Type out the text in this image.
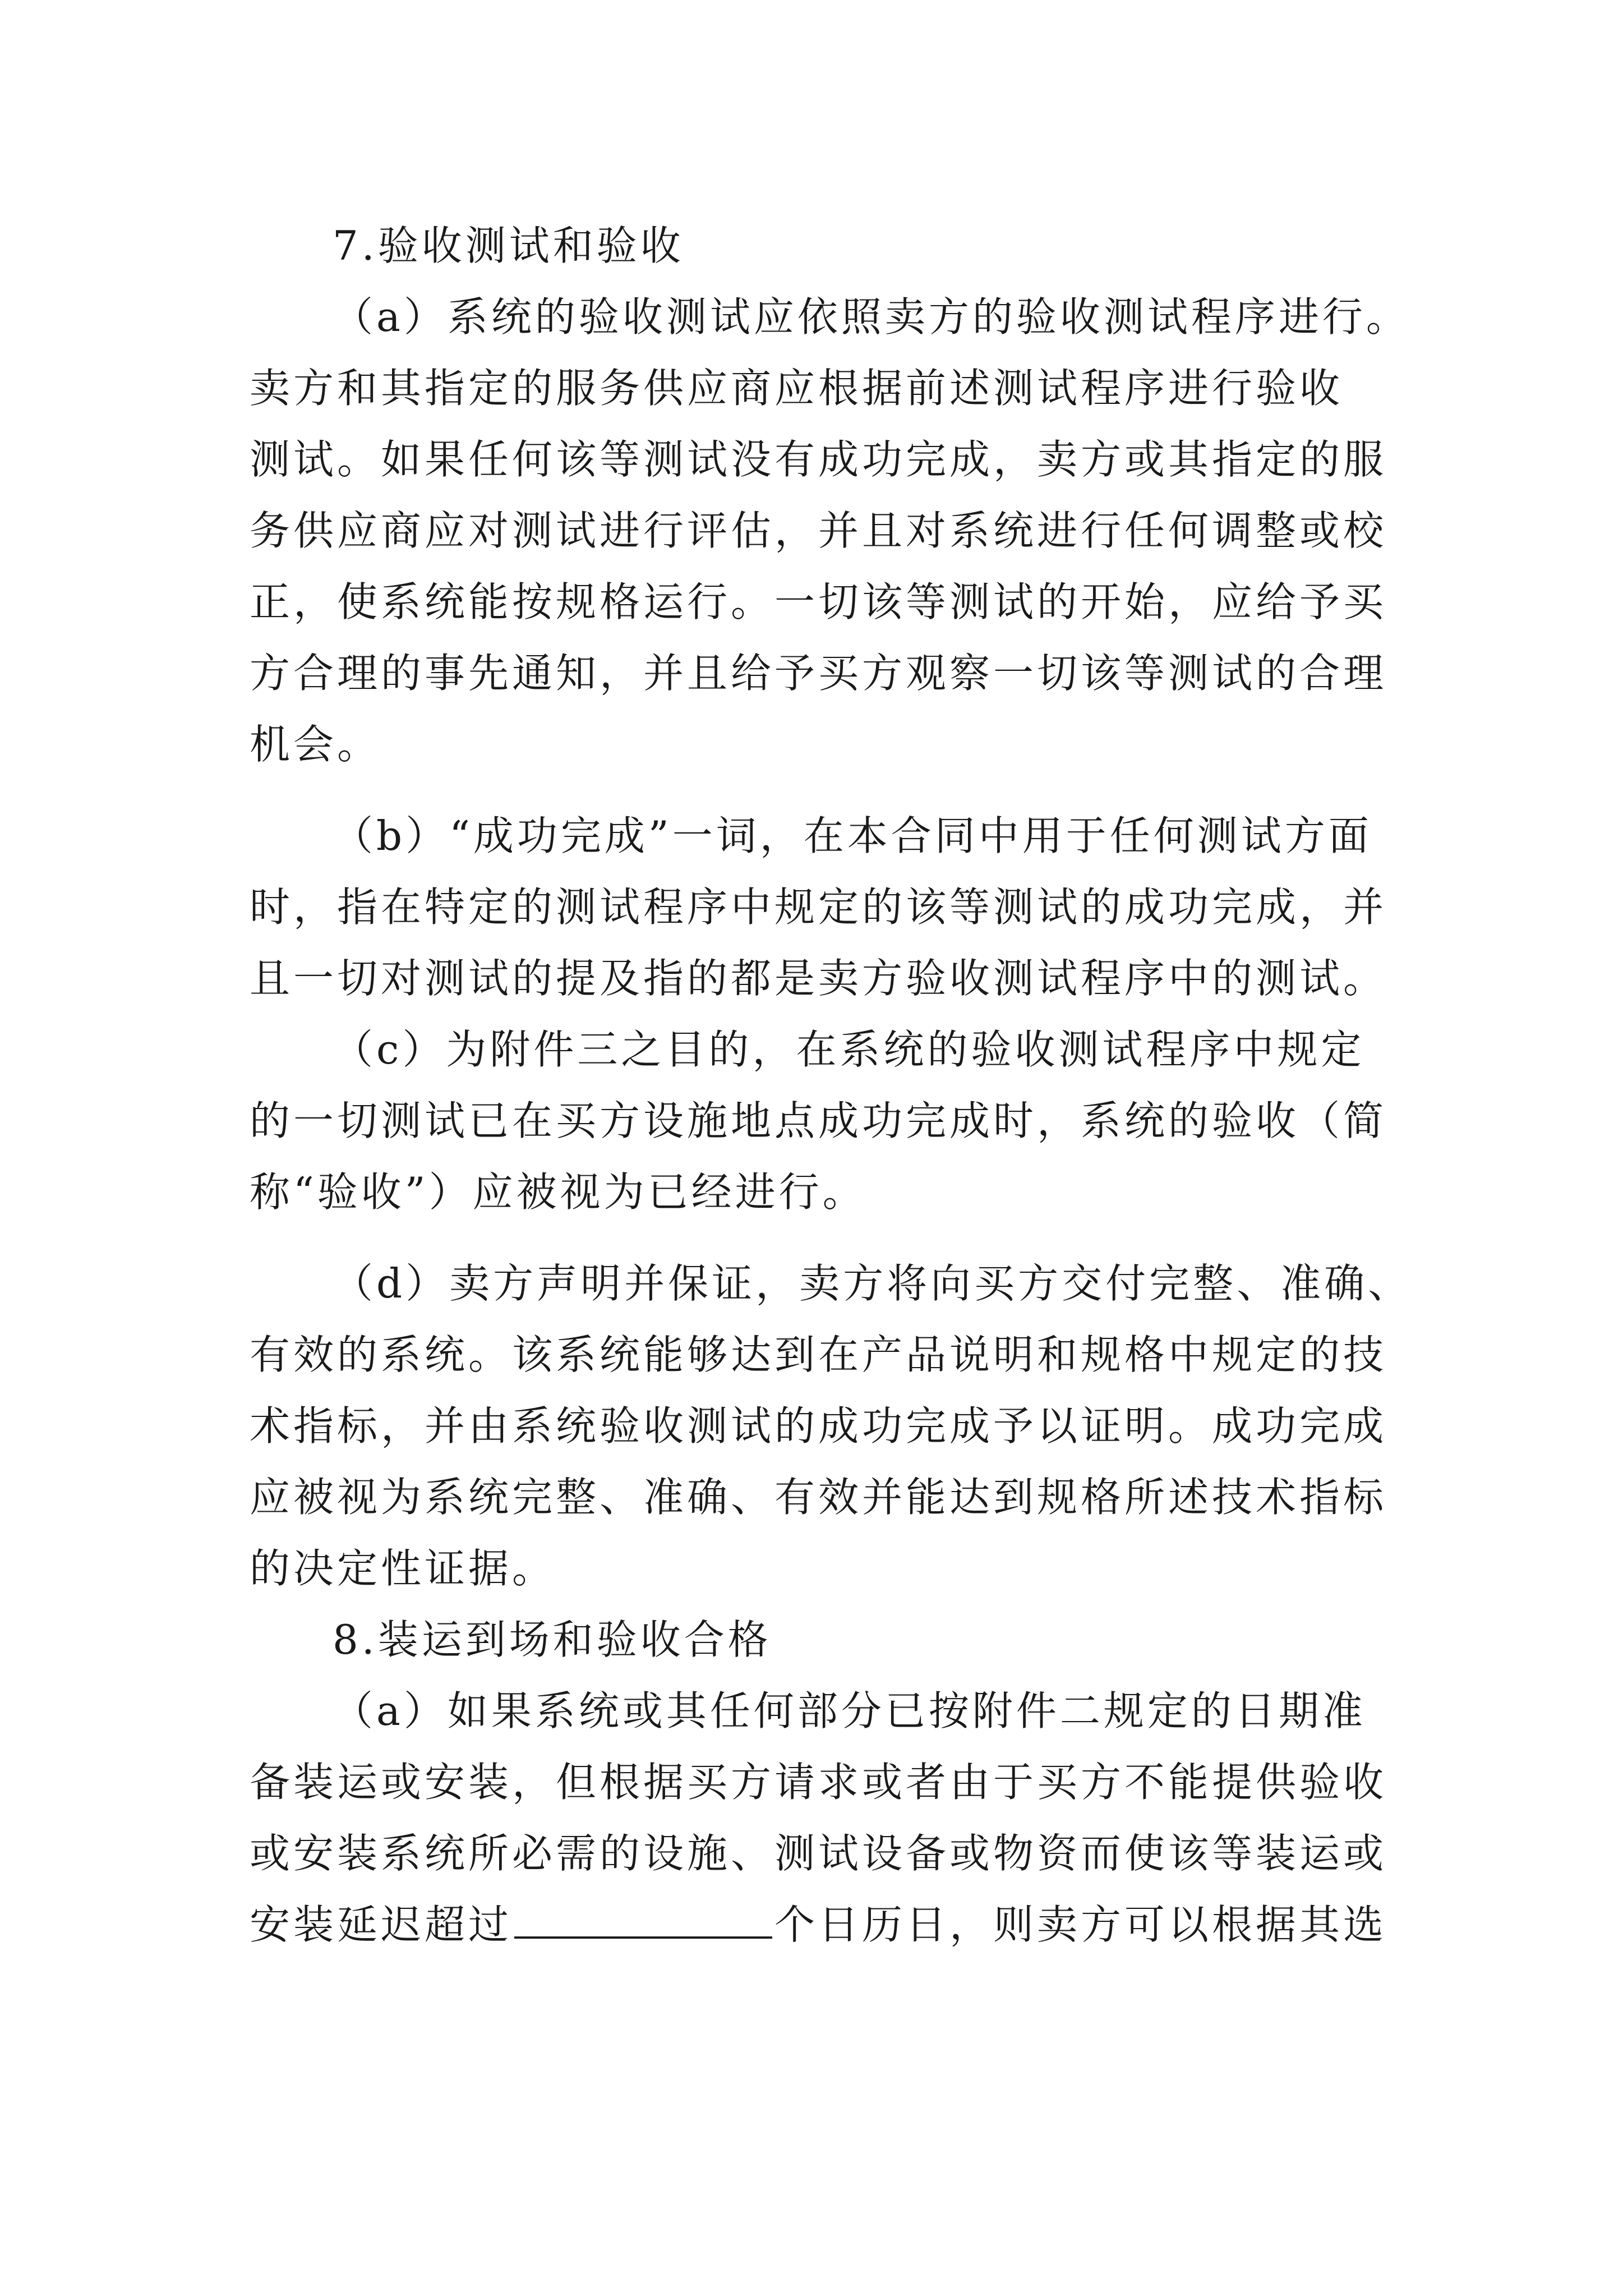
7.验收测试和验收
（a）系统的验收测试应依照卖方的验收测试程序进行。
卖方和其指定的服务供应商应根据前述测试程序进行验收
测试。如果任何该等测试没有成功完成，卖方或其指定的服
务供应商应对测试进行评估，并且对系统进行任何调整或校
正，使系统能按规格运行。一切该等测试的开始，应给予买
方合理的事先通知，并且给予买方观察一切该等测试的合理
机会。
（b）“成功完成”一词，在本合同中用于任何测试方面
时，指在特定的测试程序中规定的该等测试的成功完成，并
且一切对测试的提及指的都是卖方验收测试程序中的测试。
（c）为附件三之目的，在系统的验收测试程序中规定
的一切测试已在买方设施地点成功完成时，系统的验收（简
称“验收”）应被视为已经进行。
（d）卖方声明并保证，卖方将向买方交付完整、准确、
有效的系统。该系统能够达到在产品说明和规格中规定的技
术指标，并由系统验收测试的成功完成予以证明。成功完成
应被视为系统完整、准确、有效并能达到规格所述技术指标
的决定性证据。
8.装运到场和验收合格
（a）如果系统或其任何部分已按附件二规定的日期准
备装运或安装，但根据买方请求或者由于买方不能提供验收
或安装系统所必需的设施、测试设备或物资而使该等装运或
安装延迟超过	个日历日，则卖方可以根据其选
